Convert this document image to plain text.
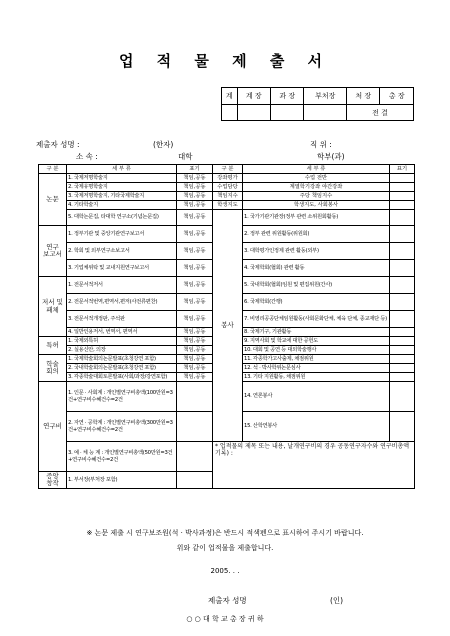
업 적 물 제 출 서
계	계 장	과 장	부처장	처 장	총 장
				전 결	
제출자 성명 :	(한자)	직 위 :
소 속 :	대학	학부(과)
구 분	세 부 류	표기	구 분	세 부 류	표기
논문	1. 국제저명학술지	책임,공동	강좌평가	수업 전반	
	2. 국제유명학술지	책임,공동	수업담당	계열학기강좌 야간강좌	
	3. 국제저명학술지, 기타국제학술지	책임,공동	책임지수	주당 책임지수	
	4. 기타학술지	책임,공동	학생지도	학생지도, 사회봉사	
	5. 대학논문집, 타대학 연구소(기념논문집)	책임,공동	봉사	1. 국가기관기관장(정부 관련 소위원회활동)	
연구
보고서	1. 정부기관 및 중앙기관연구보고서	책임,공동		2. 정부 관련 위원활동(위원회)	
	2. 학회 및 외부연구소보고서	책임,공동		3. 대학평가인정제 관련 활동(외부)	
	3. 기업체위탁 및 교내지원연구보고서	책임,공동		4. 국제학회(협회) 관련 활동	
저서 및
패체	1. 전문서적저서	책임,공동		5. 국내학회(협회)임원 및 편집위원(간사)	
	2. 전문서적번역,편역서,편저(사전류편찬)	책임,공동		6. 국제학회(간행)	
	3. 전문서적개정판, 주석판	책임,공동		7. 비영리공공단체임원활동(사회문화단체, 체육 단체, 종교재단 등)	
	4. 일반인용저서, 번역서, 편역서	책임,공동		8. 국제기구, 기관활동	
특허	1. 국제외특허	책임,공동		9. 지역사회 및 학교에 대한 공헌도	
	2. 실용신안, 의장	책임,공동		10. 대회 및 공연 등 대외학술행사	
학술
회의	1. 국제학술회의논문발표(초청강연 포함)	책임,공동		11. 각종학가고사출제, 채점위원	
	2. 국내학술회의논문발표(초청강연 포함)	책임,공동		12. 석 · 박사학위논문심사	
	3. 각종학술대회토론발표(사회/과장/강연포함)	책임,공동		13. 기타 지원활동, 채점위원	
연구비	1. 인문 · 사회계 : 개인별연구비총액(100만원=3건+연구비수혜건수=2건			14. 연론봉사	
	2. 자연 · 공학계 : 개인별연구비총액(300만원=3건+연구비수혜건수=2건			15. 산학연봉사	
	3. 예 · 체 능 계 : 개인별연구비총액(50만원=3건+연구비수혜건수=2건		* 업적물의 제목 또는 내용, 날개연구비의 경우 공동연구자수와 연구비총액 기록) :		
증앙
창작	1. 부서장(부처장 포함)				
※ 논문 제출 시 연구보조원(석 · 박사과정)은 반드시 적색펜으로 표시하여 주시기 바랍니다.
위와 같이 업적물을 제출합니다.
2005. . .
제출자 성명	(인)
○ ○ 대 학 교 총 장 귀 하
